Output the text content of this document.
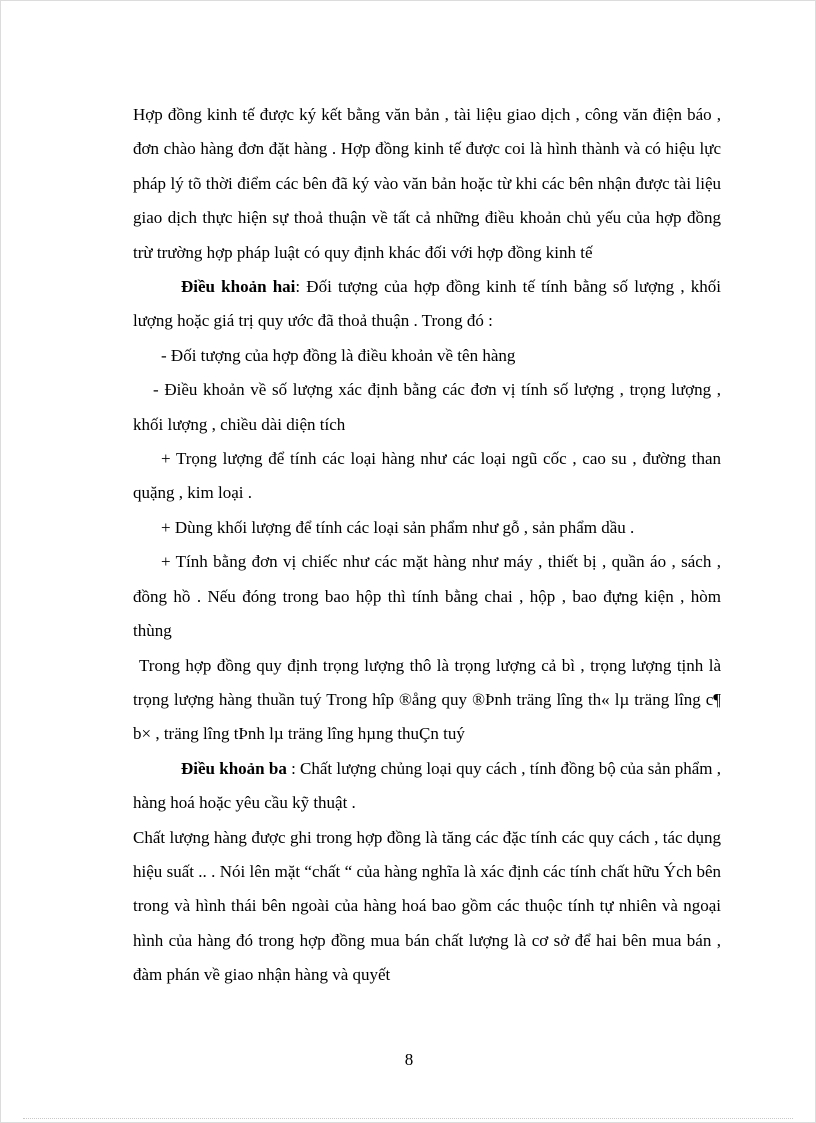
Hợp đồng kinh tế được ký kết bằng văn bản , tài liệu giao dịch , công văn điện báo , đơn chào hàng đơn đặt hàng . Hợp đồng kinh tế được coi là hình thành và có hiệu lực pháp lý tõ thời điểm các bên đã ký vào văn bản hoặc từ khi các bên nhận được tài liệu giao dịch thực hiện sự thoả thuận về tất cả những điều khoản chủ yếu của hợp đồng trừ trường hợp pháp luật có quy định khác đối với hợp đồng kinh tế

Điều khoản hai: Đối tượng của hợp đồng kinh tế tính bằng số lượng , khối lượng hoặc giá trị quy ước đã thoả thuận . Trong đó :

- Đối tượng của hợp đồng là điều khoản về tên hàng

- Điều khoản về số lượng xác định bằng các đơn vị tính số lượng , trọng lượng , khối lượng , chiều dài diện tích

+ Trọng lượng để tính các loại hàng như các loại ngũ cốc , cao su , đường than quặng , kim loại .

+ Dùng khối lượng để tính các loại sản phẩm như gỗ , sản phẩm dầu .

+ Tính bằng đơn vị chiếc như các mặt hàng như máy , thiết bị , quần áo , sách , đồng hồ . Nếu đóng trong bao hộp thì tính bằng chai , hộp , bao đựng kiện , hòm thùng

Trong hợp đồng quy định trọng lượng thô là trọng lượng cả bì , trọng lượng tịnh là trọng lượng hàng thuần tuý Trong hîp ®ång quy ®Þnh träng lîng th« lµ träng lîng c¶ b× , träng lîng tÞnh lµ träng lîng hµng thuÇn tuý

Điều khoản ba : Chất lượng chủng loại quy cách , tính đồng bộ của sản phẩm , hàng hoá hoặc yêu cầu kỹ thuật .

Chất lượng hàng được ghi trong hợp đồng là tăng các đặc tính các quy cách , tác dụng hiệu suất .. . Nói lên mặt “chất “ của hàng nghĩa là xác định các tính chất hữu Ých bên trong và hình thái bên ngoài của hàng hoá bao gồm các thuộc tính tự nhiên và ngoại hình của hàng đó trong hợp đồng mua bán chất lượng là cơ sở để hai bên mua bán , đàm phán về giao nhận hàng và quyết

8
